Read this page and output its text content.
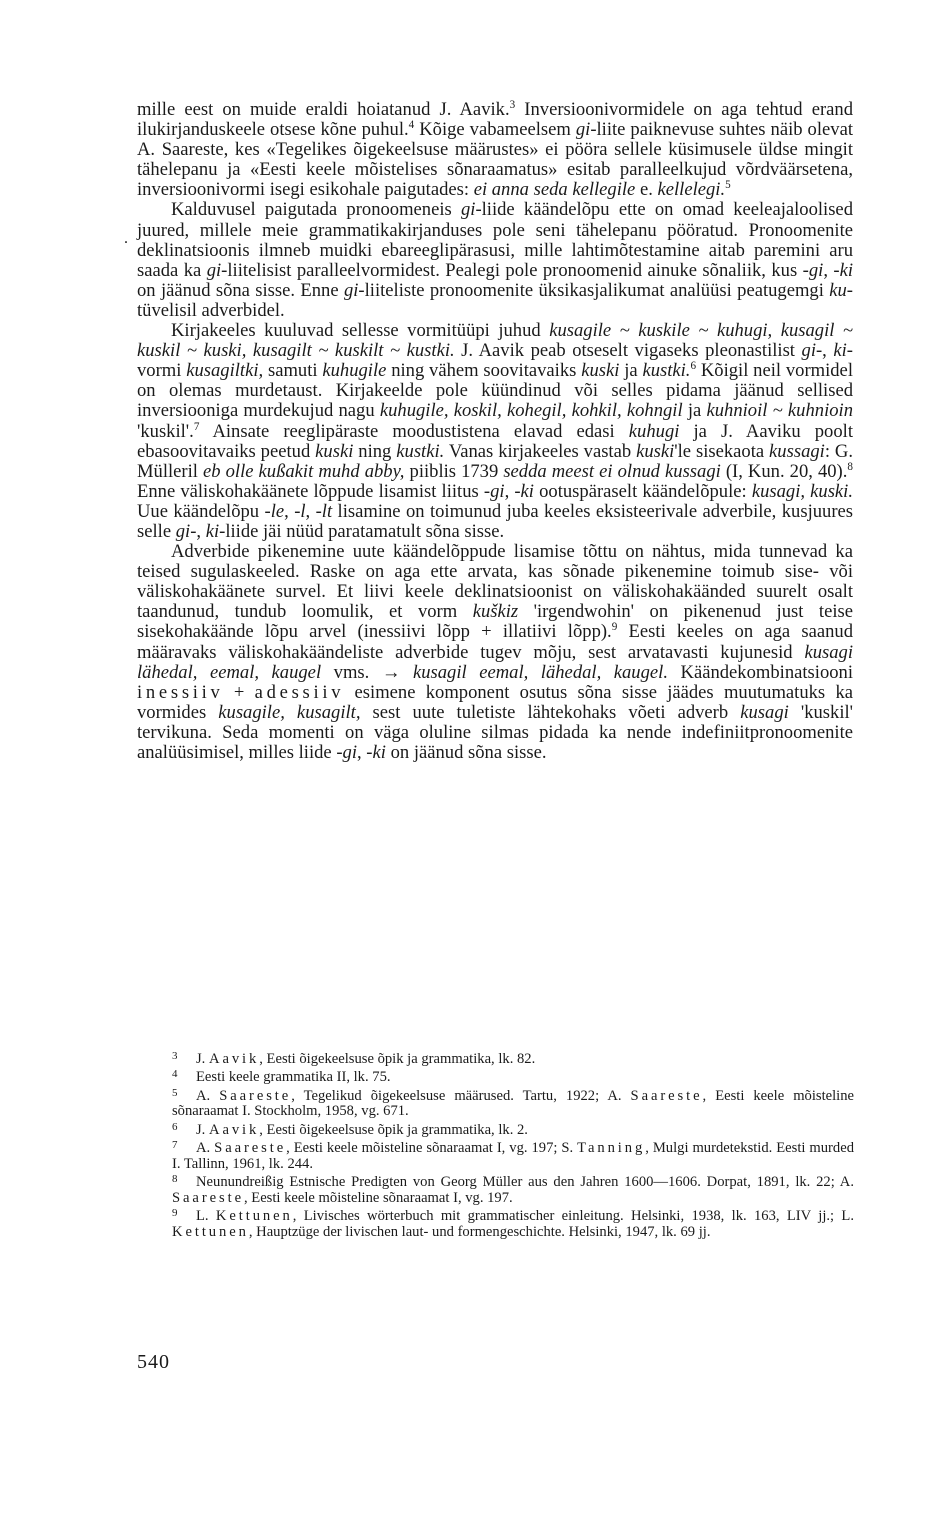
.

mille eest on muide eraldi hoiatanud J. Aavik.$^3$ Inversioonivormidele on aga tehtud erand ilukirjanduskeele otsese kõne puhul.$^4$ Kõige vabameelsem gi-liite paiknevuse suhtes näib olevat A. Saareste, kes «Tegelikes õigekeelsuse määrustes» ei pööra sellele küsimusele üldse mingit tähelepanu ja «Eesti keele mõistelises sõnaraamatus» esitab paralleelkujud võrdväärsetena, inversioonivormi isegi esikohale paigutades: ei anna seda kellegile e. kellelegi.$^5$

Kalduvusel paigutada pronoomeneis gi-liide käändelõpu ette on omad keeleajaloolised juured, millele meie grammatikakirjanduses pole seni tähelepanu pööratud. Pronoomenite deklinatsioonis ilmneb muidki ebareeglipärasusi, mille lahtimõtestamine aitab paremini aru saada ka gi-liitelisist paralleelvormidest. Pealegi pole pronoomenid ainuke sõnaliik, kus -gi, -ki on jäänud sõna sisse. Enne gi-liiteliste pronoomenite üksikasjalikumat analüüsi peatugemgi ku-tüvelisil adverbidel.

Kirjakeeles kuuluvad sellesse vormitüüpi juhud kusagile ~ kuskile ~ kuhugi, kusagil ~ kuskil ~ kuski, kusagilt ~ kuskilt ~ kustki. J. Aavik peab otseselt vigaseks pleonastilist gi-, ki-vormi kusagiltki, samuti kuhugile ning vähem soovitavaiks kuski ja kustki.$^6$ Kõigil neil vormidel on olemas murdetaust. Kirjakeelde pole küündinud või selles pidama jäänud sellised inversiooniga murdekujud nagu kuhugile, koskil, kohegil, kohkil, kohngil ja kuhnioil ~ kuhnioin 'kuskil'.$^7$ Ainsate reeglipäraste moodustistena elavad edasi kuhugi ja J. Aaviku poolt ebasoovitavaiks peetud kuski ning kustki. Vanas kirjakeeles vastab kuski'le sisekaota kussagi: G. Mülleril eb olle kußakit muhd abby, piiblis 1739 sedda meest ei olnud kussagi (I, Kun. 20, 40).$^8$ Enne väliskohakäänete lõppude lisamist liitus -gi, -ki ootuspäraselt käändelõpule: kusagi, kuski. Uue käändelõpu -le, -l, -lt lisamine on toimunud juba keeles eksisteerivale adverbile, kusjuures selle gi-, ki-liide jäi nüüd paratamatult sõna sisse.

Adverbide pikenemine uute käändelõppude lisamise tõttu on nähtus, mida tunnevad ka teised sugulaskeeled. Raske on aga ette arvata, kas sõnade pikenemine toimub sise- või väliskohakäänete survel. Et liivi keele deklinatsioonist on väliskohakäänded suurelt osalt taandunud, tundub loomulik, et vorm kuškiz 'irgendwohin' on pikenenud just teise sisekohakäände lõpu arvel (inessiivi lõpp + illatiivi lõpp).$^9$ Eesti keeles on aga saanud määravaks väliskohakäändeliste adverbide tugev mõju, sest arvatavasti kujunesid kusagi lähedal, eemal, kaugel vms. → kusagil eemal, lähedal, kaugel. Käändekombinatsiooni inessiiv + adessiiv esimene komponent osutus sõna sisse jäädes muutumatuks ka vormides kusagile, kusagilt, sest uute tuletiste lähtekohaks võeti adverb kusagi 'kuskil' tervikuna. Seda momenti on väga oluline silmas pidada ka nende indefiniitpronoomenite analüüsimisel, milles liide -gi, -ki on jäänud sõna sisse.

3 J. Aavik, Eesti õigekeelsuse õpik ja grammatika, lk. 82.

4 Eesti keele grammatika II, lk. 75.

5 A. Saareste, Tegelikud õigekeelsuse määrused. Tartu, 1922; A. Saareste, Eesti keele mõisteline sõnaraamat I. Stockholm, 1958, vg. 671.

6 J. Aavik, Eesti õigekeelsuse õpik ja grammatika, lk. 2.

7 A. Saareste, Eesti keele mõisteline sõnaraamat I, vg. 197; S. Tanning, Mulgi murdetekstid. Eesti murded I. Tallinn, 1961, lk. 244.

8 Neunundreißig Estnische Predigten von Georg Müller aus den Jahren 1600—1606. Dorpat, 1891, lk. 22; A. Saareste, Eesti keele mõisteline sõnaraamat I, vg. 197.

9 L. Kettunen, Livisches wörterbuch mit grammatischer einleitung. Helsinki, 1938, lk. 163, LIV jj.; L. Kettunen, Hauptzüge der livischen laut- und formengeschichte. Helsinki, 1947, lk. 69 jj.

540
